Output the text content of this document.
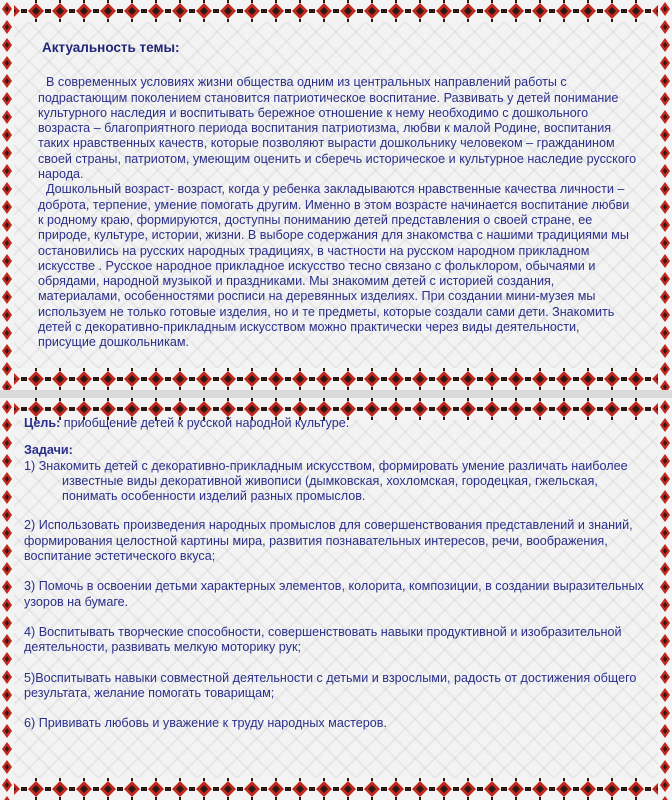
Актуальность темы:

В современных условиях жизни общества одним из центральных направлений работы с подрастающим поколением становится патриотическое воспитание. Развивать у детей понимание культурного наследия и воспитывать бережное отношение к нему необходимо с дошкольного возраста – благоприятного периода воспитания патриотизма, любви к малой Родине, воспитания таких нравственных качеств, которые позволяют вырасти дошкольнику человеком – гражданином своей страны, патриотом, умеющим оценить и сберечь историческое и культурное наследие русского народа.

Дошкольный возраст- возраст, когда у ребенка закладываются нравственные качества личности – доброта, терпение, умение помогать другим. Именно в этом возрасте начинается воспитание любви к родному краю, формируются, доступны пониманию детей представления о своей стране, ее природе, культуре, истории, жизни. В выборе содержания для знакомства с нашими традициями мы остановились на русских народных традициях, в частности на русском народном прикладном искусстве . Русское народное прикладное искусство тесно связано с фольклором, обычаями и обрядами, народной музыкой и праздниками. Мы знакомим детей с историей создания, материалами, особенностями росписи на деревянных изделиях. При создании мини-музея мы используем не только готовые изделия, но и те предметы, которые создали сами дети. Знакомить детей с декоративно-прикладным искусством можно практически через виды деятельности, присущие дошкольникам.

Цель: приобщение детей к русской народной культуре.

Задачи:

1) Знакомить детей с декоративно-прикладным искусством, формировать умение различать наиболее известные виды декоративной живописи (дымковская, хохломская, городецкая, гжельская, понимать особенности изделий разных промыслов.

2) Использовать произведения народных промыслов для совершенствования представлений и знаний, формирования целостной картины мира, развития познавательных интересов, речи, воображения, воспитание эстетического вкуса;

3) Помочь в освоении детьми характерных элементов, колорита, композиции, в создании выразительных узоров на бумаге.

4) Воспитывать творческие способности, совершенствовать навыки продуктивной и изобразительной деятельности, развивать мелкую моторику рук;

5)Воспитывать навыки совместной деятельности с детьми и взрослыми, радость от достижения общего результата, желание помогать товарищам;

6) Прививать любовь и уважение к труду народных мастеров.
